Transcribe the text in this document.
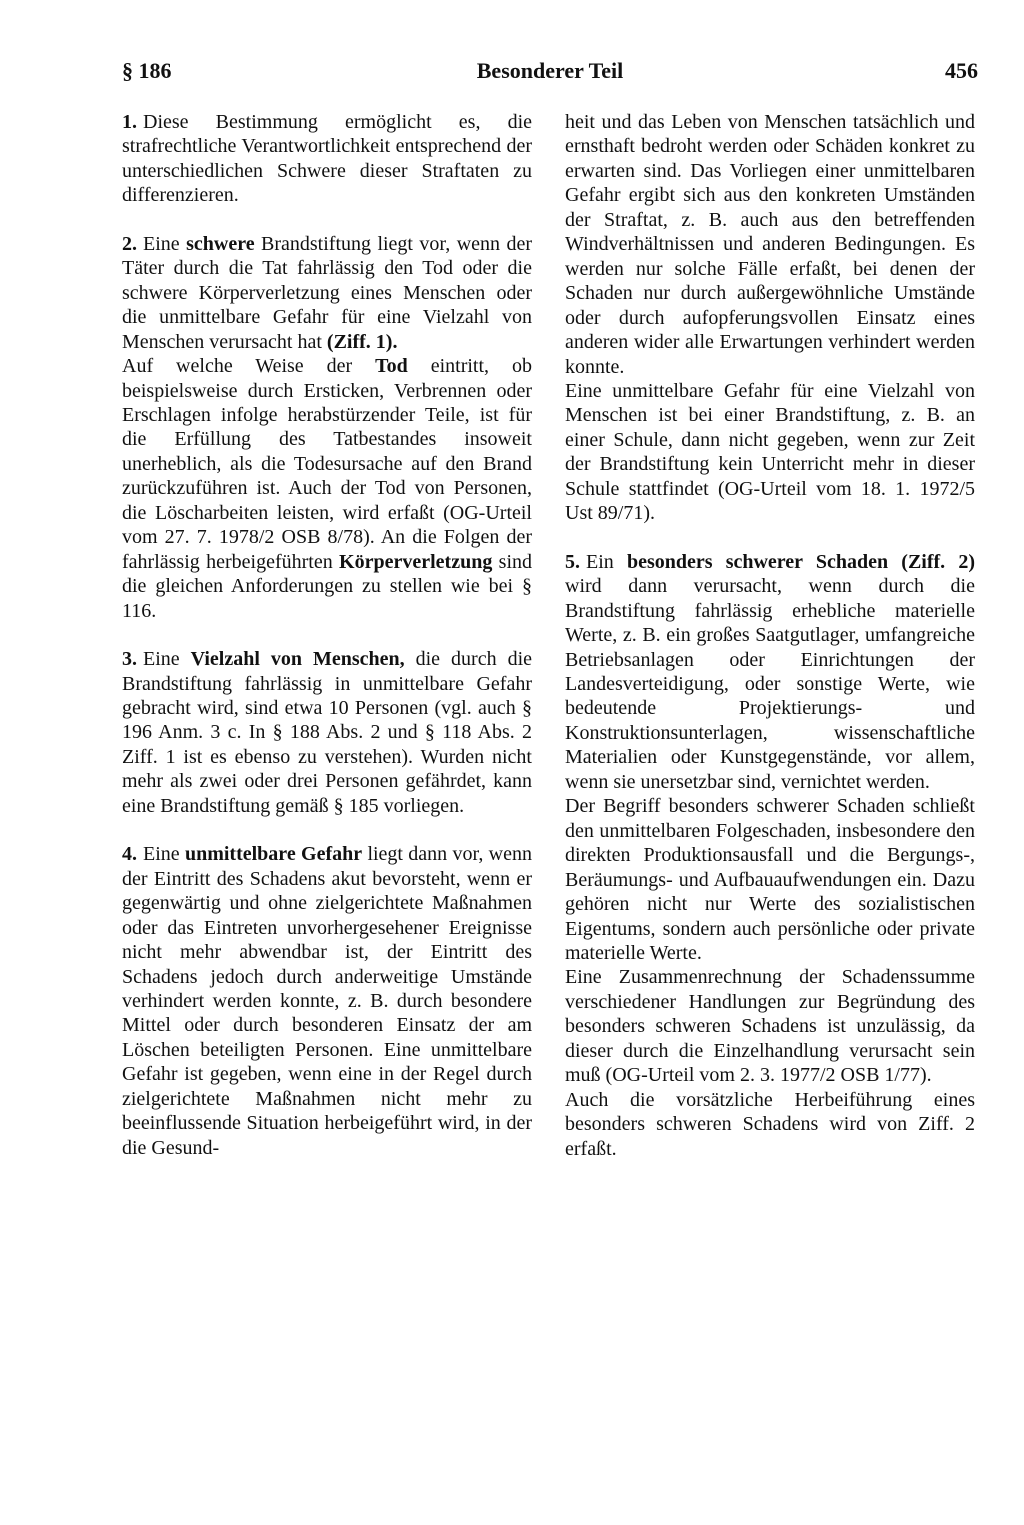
§ 186	Besonderer Teil	456

1. Diese Bestimmung ermöglicht es, die strafrechtliche Verantwortlichkeit entsprechend der unterschiedlichen Schwere dieser Straftaten zu differenzieren.

2. Eine schwere Brandstiftung liegt vor, wenn der Täter durch die Tat fahrlässig den Tod oder die schwere Körperverletzung eines Menschen oder die unmittelbare Gefahr für eine Vielzahl von Menschen verursacht hat (Ziff. 1).

Auf welche Weise der Tod eintritt, ob beispielsweise durch Ersticken, Verbrennen oder Erschlagen infolge herabstürzender Teile, ist für die Erfüllung des Tatbestandes insoweit unerheblich, als die Todesursache auf den Brand zurückzuführen ist. Auch der Tod von Personen, die Löscharbeiten leisten, wird erfaßt (OG-Urteil vom 27. 7. 1978/2 OSB 8/78). An die Folgen der fahrlässig herbeigeführten Körperverletzung sind die gleichen Anforderungen zu stellen wie bei § 116.

3. Eine Vielzahl von Menschen, die durch die Brandstiftung fahrlässig in unmittelbare Gefahr gebracht wird, sind etwa 10 Personen (vgl. auch § 196 Anm. 3 c. In § 188 Abs. 2 und § 118 Abs. 2 Ziff. 1 ist es ebenso zu verstehen). Wurden nicht mehr als zwei oder drei Personen gefährdet, kann eine Brandstiftung gemäß § 185 vorliegen.

4. Eine unmittelbare Gefahr liegt dann vor, wenn der Eintritt des Schadens akut bevorsteht, wenn er gegenwärtig und ohne zielgerichtete Maßnahmen oder das Eintreten unvorhergesehener Ereignisse nicht mehr abwendbar ist, der Eintritt des Schadens jedoch durch anderweitige Umstände verhindert werden konnte, z. B. durch besondere Mittel oder durch besonderen Einsatz der am Löschen beteiligten Personen. Eine unmittelbare Gefahr ist gegeben, wenn eine in der Regel durch zielgerichtete Maßnahmen nicht mehr zu beeinflussende Situation herbeigeführt wird, in der die Gesund-

heit und das Leben von Menschen tatsächlich und ernsthaft bedroht werden oder Schäden konkret zu erwarten sind. Das Vorliegen einer unmittelbaren Gefahr ergibt sich aus den konkreten Umständen der Straftat, z. B. auch aus den betreffenden Windverhältnissen und anderen Bedingungen. Es werden nur solche Fälle erfaßt, bei denen der Schaden nur durch außergewöhnliche Umstände oder durch aufopferungsvollen Einsatz eines anderen wider alle Erwartungen verhindert werden konnte.

Eine unmittelbare Gefahr für eine Vielzahl von Menschen ist bei einer Brandstiftung, z. B. an einer Schule, dann nicht gegeben, wenn zur Zeit der Brandstiftung kein Unterricht mehr in dieser Schule stattfindet (OG-Urteil vom 18. 1. 1972/5 Ust 89/71).

5. Ein besonders schwerer Schaden (Ziff. 2) wird dann verursacht, wenn durch die Brandstiftung fahrlässig erhebliche materielle Werte, z. B. ein großes Saatgutlager, umfangreiche Betriebsanlagen oder Einrichtungen der Landesverteidigung, oder sonstige Werte, wie bedeutende Projektierungs- und Konstruktionsunterlagen, wissenschaftliche Materialien oder Kunstgegenstände, vor allem, wenn sie unersetzbar sind, vernichtet werden.

Der Begriff besonders schwerer Schaden schließt den unmittelbaren Folgeschaden, insbesondere den direkten Produktionsausfall und die Bergungs-, Beräumungs- und Aufbauaufwendungen ein. Dazu gehören nicht nur Werte des sozialistischen Eigentums, sondern auch persönliche oder private materielle Werte.

Eine Zusammenrechnung der Schadenssumme verschiedener Handlungen zur Begründung des besonders schweren Schadens ist unzulässig, da dieser durch die Einzelhandlung verursacht sein muß (OG-Urteil vom 2. 3. 1977/2 OSB 1/77).

Auch die vorsätzliche Herbeiführung eines besonders schweren Schadens wird von Ziff. 2 erfaßt.
